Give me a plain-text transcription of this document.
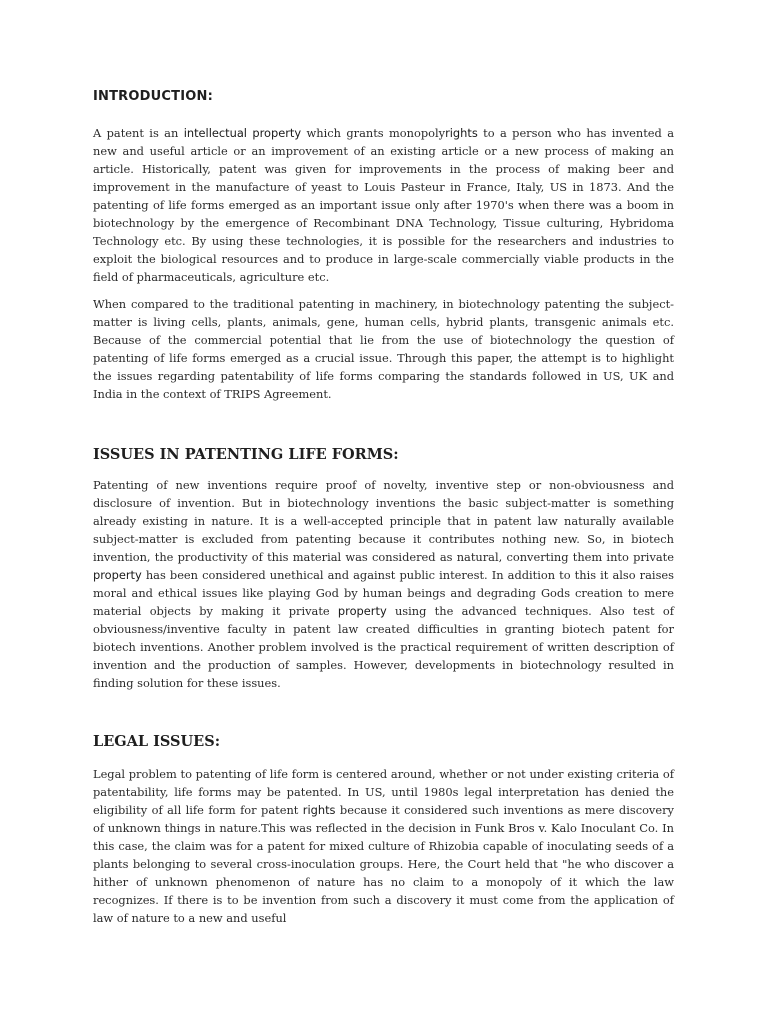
INTRODUCTION:

A patent is an intellectual property which grants monopolyrights to a person who has invented a new and useful article or an improvement of an existing article or a new process of making an article. Historically, patent was given for improvements in the process of making beer and improvement in the manufacture of yeast to Louis Pasteur in France, Italy, US in 1873. And the patenting of life forms emerged as an important issue only after 1970's when there was a boom in biotechnology by the emergence of Recombinant DNA Technology, Tissue culturing, Hybridoma Technology etc. By using these technologies, it is possible for the researchers and industries to exploit the biological resources and to produce in large-scale commercially viable products in the field of pharmaceuticals, agriculture etc.

When compared to the traditional patenting in machinery, in biotechnology patenting the subject-matter is living cells, plants, animals, gene, human cells, hybrid plants, transgenic animals etc. Because of the commercial potential that lie from the use of biotechnology the question of patenting of life forms emerged as a crucial issue. Through this paper, the attempt is to highlight the issues regarding patentability of life forms comparing the standards followed in US, UK and India in the context of TRIPS Agreement.

ISSUES IN PATENTING LIFE FORMS:

Patenting of new inventions require proof of novelty, inventive step or non-obviousness and disclosure of invention. But in biotechnology inventions the basic subject-matter is something already existing in nature. It is a well-accepted principle that in patent law naturally available subject-matter is excluded from patenting because it contributes nothing new. So, in biotech invention, the productivity of this material was considered as natural, converting them into private property has been considered unethical and against public interest. In addition to this it also raises moral and ethical issues like playing God by human beings and degrading Gods creation to mere material objects by making it private property using the advanced techniques. Also test of obviousness/inventive faculty in patent law created difficulties in granting biotech patent for biotech inventions. Another problem involved is the practical requirement of written description of invention and the production of samples. However, developments in biotechnology resulted in finding solution for these issues.

LEGAL ISSUES:

Legal problem to patenting of life form is centered around, whether or not under existing criteria of patentability, life forms may be patented. In US, until 1980s legal interpretation has denied the eligibility of all life form for patent rights because it considered such inventions as mere discovery of unknown things in nature.This was reflected in the decision in Funk Bros v. Kalo Inoculant Co. In this case, the claim was for a patent for mixed culture of Rhizobia capable of inoculating seeds of a plants belonging to several cross-inoculation groups. Here, the Court held that "he who discover a hither of unknown phenomenon of nature has no claim to a monopoly of it which the law recognizes. If there is to be invention from such a discovery it must come from the application of law of nature to a new and useful
